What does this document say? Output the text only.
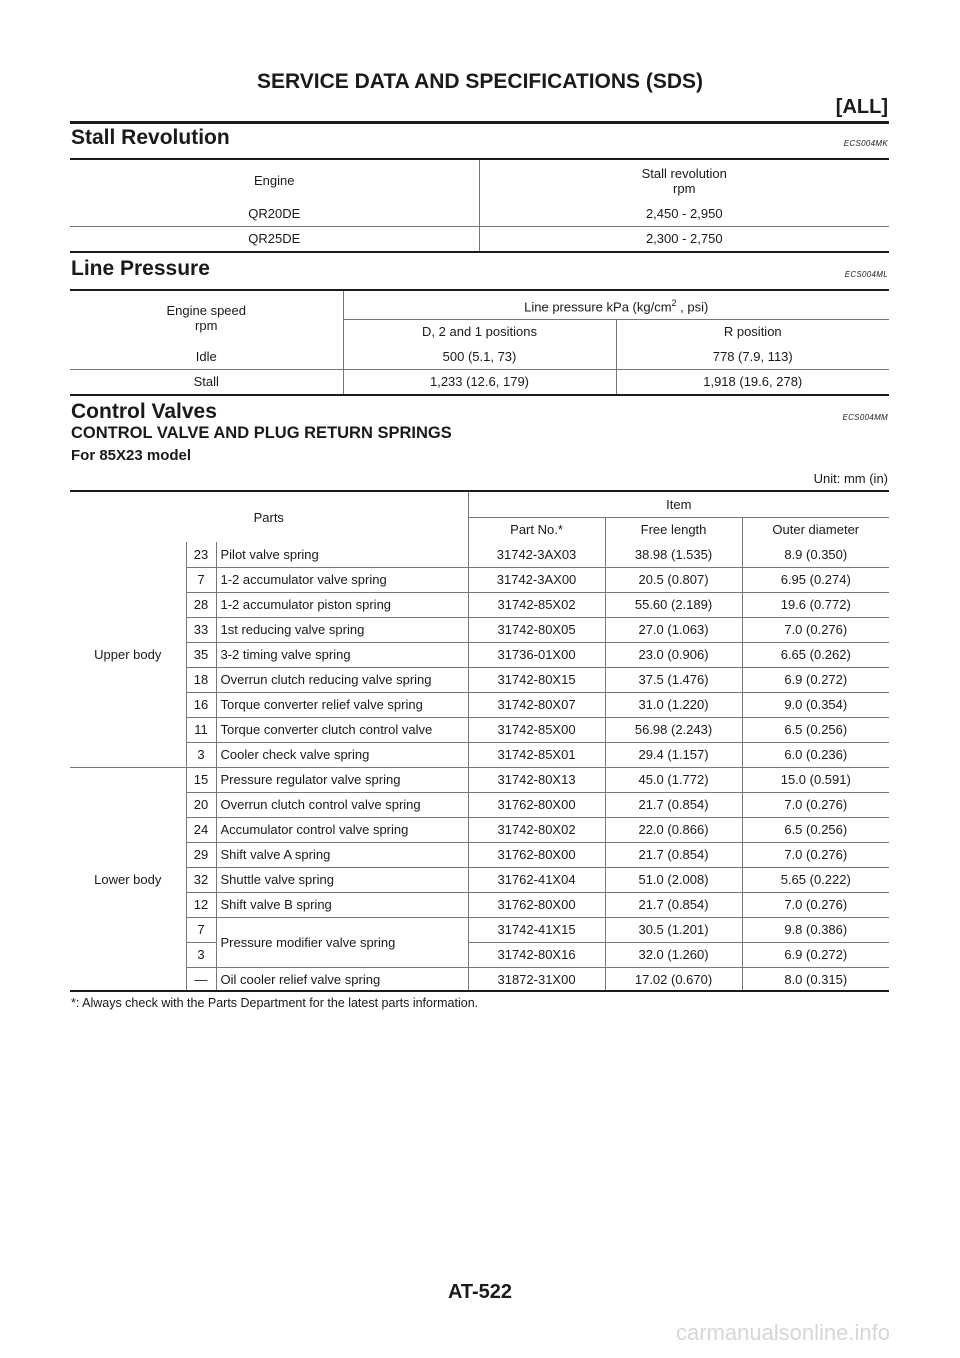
SERVICE DATA AND SPECIFICATIONS (SDS)
[ALL]
Stall Revolution	ECS004MK
Engine	Stall revolution
rpm
QR20DE	2,450 - 2,950
QR25DE	2,300 - 2,750
Line Pressure	ECS004ML
Engine speed
rpm	Line pressure kPa ($kg/cm^2$ , psi)	
	D, 2 and 1 positions	R position
Idle	500 (5.1, 73)	778 (7.9, 113)
Stall	1,233 (12.6, 179)	1,918 (19.6, 278)
Control Valves	ECS004MM
CONTROL VALVE AND PLUG RETURN SPRINGS
For 85X23 model
Unit: mm (in)
Parts			Item		
			Part No.*	Free length	Outer diameter
Upper body	23	Pilot valve spring	31742-3AX03	38.98 (1.535)	8.9 (0.350)
	7	1-2 accumulator valve spring	31742-3AX00	20.5 (0.807)	6.95 (0.274)
	28	1-2 accumulator piston spring	31742-85X02	55.60 (2.189)	19.6 (0.772)
	33	1st reducing valve spring	31742-80X05	27.0 (1.063)	7.0 (0.276)
	35	3-2 timing valve spring	31736-01X00	23.0 (0.906)	6.65 (0.262)
	18	Overrun clutch reducing valve spring	31742-80X15	37.5 (1.476)	6.9 (0.272)
	16	Torque converter relief valve spring	31742-80X07	31.0 (1.220)	9.0 (0.354)
	11	Torque converter clutch control valve	31742-85X00	56.98 (2.243)	6.5 (0.256)
	3	Cooler check valve spring	31742-85X01	29.4 (1.157)	6.0 (0.236)
Lower body	15	Pressure regulator valve spring	31742-80X13	45.0 (1.772)	15.0 (0.591)
	20	Overrun clutch control valve spring	31762-80X00	21.7 (0.854)	7.0 (0.276)
	24	Accumulator control valve spring	31742-80X02	22.0 (0.866)	6.5 (0.256)
	29	Shift valve A spring	31762-80X00	21.7 (0.854)	7.0 (0.276)
	32	Shuttle valve spring	31762-41X04	51.0 (2.008)	5.65 (0.222)
	12	Shift valve B spring	31762-80X00	21.7 (0.854)	7.0 (0.276)
	7	Pressure modifier valve spring	31742-41X15	30.5 (1.201)	9.8 (0.386)
	3		31742-80X16	32.0 (1.260)	6.9 (0.272)
	—	Oil cooler relief valve spring	31872-31X00	17.02 (0.670)	8.0 (0.315)
*: Always check with the Parts Department for the latest parts information.
AT-522
carmanualsonline.info
